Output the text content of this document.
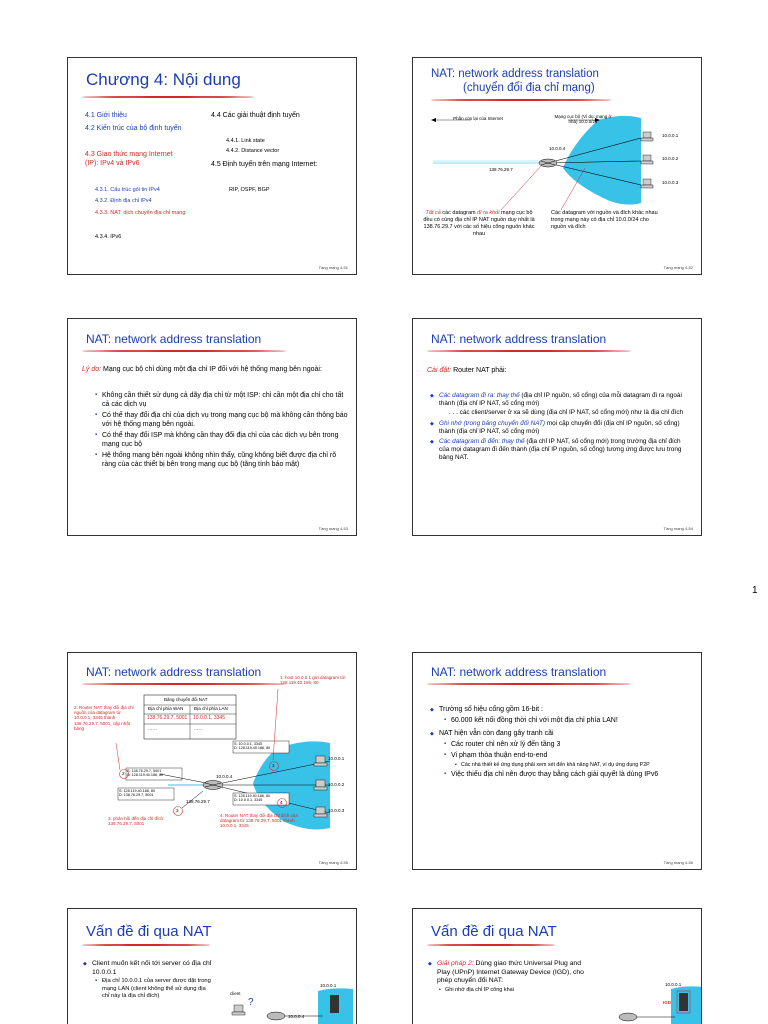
Chương 4: Nội dung
4.1 Giới thiệu
4.2 Kiến trúc của bộ định tuyến
4.3 Giao thức mạng Internet (IP): IPv4 và IPv6
4.3.1. Cấu trúc gói tin IPv4
4.3.2. Định địa chỉ IPv4
4.3.3. NAT: dịch chuyển địa chỉ mạng
4.3.4. IPv6
4.4 Các giải thuật định tuyến
4.4.1. Link state
4.4.2. Distance vector
4.5 Định tuyến trên mạng Internet:
RIP, OSPF, BGP
Tầng mạng 4-51
NAT: network address translation
(chuyển đổi địa chỉ mạng)
Phần còn lại của Internet	Mạng cục bộ (Ví dụ: mạng ở nhà) 10.0.0/24
10.0.0.4
138.76.29.7
10.0.0.1
10.0.0.2
10.0.0.3
Tất cả các datagram đi ra khỏi mạng cục bộ đều có cùng địa chỉ IP NAT nguồn duy nhất là 138.76.29.7 với các số hiệu cổng nguồn khác nhau
Các datagram với nguồn và đích khác nhau trong mạng này có địa chỉ 10.0.0/24 cho nguồn và đích
Tầng mạng 4-52
NAT: network address translation
Lý do: Mạng cục bộ chỉ dùng một địa chỉ IP đối với hệ thống mạng bên ngoài:
▪ Không cần thiết sử dụng cả dãy địa chỉ từ một ISP: chỉ cần một địa chỉ cho tất cả các dịch vụ
▪ Có thể thay đổi địa chỉ của dịch vụ trong mạng cục bộ mà không cần thông báo với hệ thống mạng bên ngoài.
▪ Có thể thay đổi ISP mà không cần thay đổi địa chỉ của các dịch vụ bên trong mạng cục bộ
▪ Hệ thống mạng bên ngoài không nhìn thấy, cũng không biết được địa chỉ rõ ràng của các thiết bị bên trong mạng cục bộ (tăng tính bảo mật)
Tầng mạng 4-53
NAT: network address translation
Cài đặt: Router NAT phải:
◆ Các datagram đi ra: thay thế (địa chỉ IP nguồn, số cổng) của mỗi datagram đi ra ngoài thành (địa chỉ IP NAT, số cổng mới)
. . . các client/server ở xa sẽ dùng (địa chỉ IP NAT, số cổng mới) như là địa chỉ đích
◆ Ghi nhớ (trong bảng chuyển đổi NAT) mọi cặp chuyển đổi (địa chỉ IP nguồn, số cổng) thành (địa chỉ IP NAT, số cổng mới)
◆ Các datagram đi đến: thay thế (địa chỉ IP NAT, số cổng mới) trong trường địa chỉ đích của mọi datagram đi đến thành (địa chỉ IP nguồn, số cổng) tương ứng được lưu trong bảng NAT.
Tầng mạng 4-54
1
NAT: network address translation
Bảng chuyển đổi NAT
Địa chỉ phía WAN Địa chỉ phía LAN
138.76.29.7, 5001 10.0.0.1, 3345
……	……
1: host 10.0.0.1 gửi datagram tới 128.119.40.186, 80
2: Router NAT thay đổi địa chỉ nguồn của datagram từ 10.0.0.1, 3345 thành 138.76.29.7, 5001, cập nhật bảng
3: phản hồi đến địa chỉ đích: 138.76.29.7, 5001
4: Router NAT thay đổi địa chỉ đích của datagram từ 138.76.29.7, 5001 thành 10.0.0.1, 3345
S: 10.0.0.1, 3345
D: 128.119.40.186, 80
S: 138.76.29.7, 5001
D: 128.119.40.186, 80
S: 128.119.40.186, 80
D: 138.76.29.7, 5001	S: 128.119.40.186, 80
D: 10.0.0.1, 3345
1
2
3
4
10.0.0.4
138.76.29.7
10.0.0.1
10.0.0.2
10.0.0.3
Tầng mạng 4-55
NAT: network address translation
◆ Trường số hiệu cổng gồm 16-bit :
▪ 60.000 kết nối đồng thời chỉ với một địa chỉ phía LAN!
◆ NAT hiện vẫn còn đang gây tranh cãi
▪ Các router chỉ nên xử lý đến tầng 3
▪ Vi phạm thỏa thuận end-to-end
• Các nhà thiết kế ứng dụng phải xem xét đến khả năng NAT, ví dụ ứng dụng P2P
▪ Việc thiếu địa chỉ nên được thay bằng cách giải quyết là dùng IPv6
Tầng mạng 4-56
Vấn đề đi qua NAT
◆ Client muốn kết nối tới server có địa chỉ 10.0.0.1
▪ Địa chỉ 10.0.0.1 của server được đặt trong mạng LAN (client không thể sử dụng địa chỉ này là địa chỉ đích)	client
?
10.0.0.1
10.0.0.4
Vấn đề đi qua NAT
◆ Giải pháp 2: Dùng giao thức Universal Plug and Play (UPnP) Internet Gateway Device (IGD), cho phép chuyển đổi NAT:
• Ghi nhớ địa chỉ IP công khai
10.0.0.1
IGD
